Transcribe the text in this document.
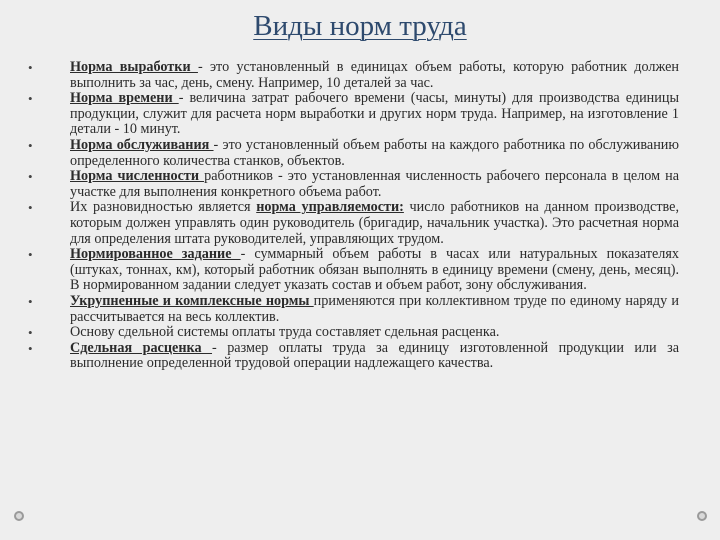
Виды норм труда
• Норма выработки - это установленный в единицах объем работы, которую работник должен выполнить за час, день, смену. Например, 10 деталей за час.
• Норма времени - величина затрат рабочего времени (часы, минуты) для производства единицы продукции, служит для расчета норм выработки и других норм труда. Например, на изготовление 1 детали - 10 минут.
• Норма обслуживания - это установленный объем работы на каждого работника по обслуживанию определенного количества станков, объектов.
• Норма численности работников - это установленная численность рабочего персонала в целом на участке для выполнения конкретного объема работ.
• Их разновидностью является норма управляемости: число работников на данном производстве, которым должен управлять один руководитель (бригадир, начальник участка). Это расчетная норма для определения штата руководителей, управляющих трудом.
• Нормированное задание - суммарный объем работы в часах или натуральных показателях (штуках, тоннах, км), который работник обязан выполнять в единицу времени (смену, день, месяц). В нормированном задании следует указать состав и объем работ, зону обслуживания.
• Укрупненные и комплексные нормы применяются при коллективном труде по единому наряду и рассчитывается на весь коллектив.
• Основу сдельной системы оплаты труда составляет сдельная расценка.
• Сдельная расценка - размер оплаты труда за единицу изготовленной продукции или за выполнение определенной трудовой операции надлежащего качества.
